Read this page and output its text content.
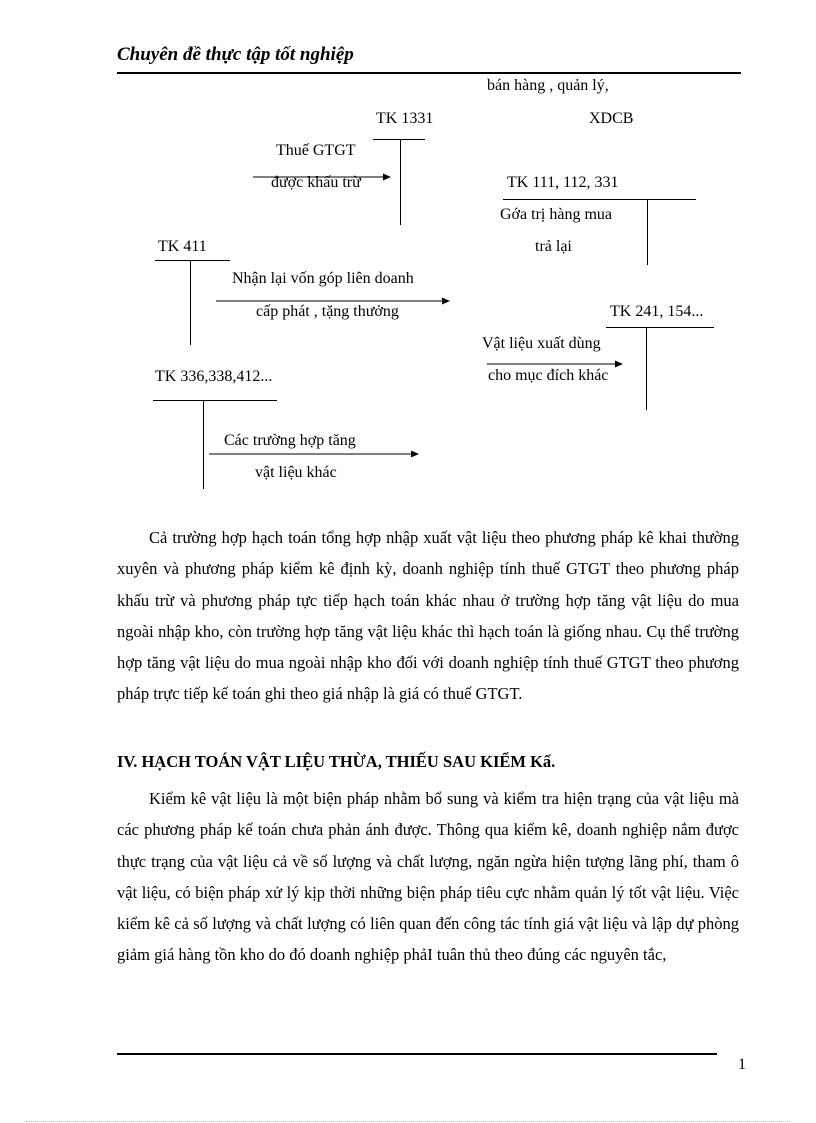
Chuyên đề thực tập tốt nghiệp
bán hàng , quản lý,
XDCB
TK 1331
Thuế GTGT
được khấu trừ	TK 111, 112, 331
Gớa trị hàng mua
trả lại
TK 411
Nhận lại vốn góp liên doanh
cấp phát , tặng thưởng	TK 241, 154...
Vật liệu xuất dùng
cho mục đích khác
TK 336,338,412...
Các trường hợp tăng
vật liệu khác
Cả trường hợp hạch toán tổng hợp nhập xuất vật liệu theo phương pháp kê khai thường xuyên và phương pháp kiểm kê định kỳ, doanh nghiệp tính thuế GTGT theo phương pháp khấu trừ và phương pháp tực tiếp hạch toán khác nhau ở trường hợp tăng vật liệu do mua ngoài nhập kho, còn trường hợp tăng vật liệu khác thì hạch toán là giống nhau. Cụ thể trường hợp tăng vật liệu do mua ngoài nhập kho đối với doanh nghiệp tính thuế GTGT theo phương pháp trực tiếp kế toán ghi theo giá nhập là giá có thuế GTGT.
IV. HẠCH TOÁN VẬT LIỆU THỪA, THIẾU SAU KIỂM Kấ.
Kiểm kê vật liệu là một biện pháp nhằm bổ sung và kiểm tra hiện trạng của vật liệu mà các phương pháp kế toán chưa phản ánh được. Thông qua kiểm kê, doanh nghiệp nắm được thực trạng của vật liệu cả về số lượng và chất lượng, ngăn ngừa hiện tượng lãng phí, tham ô vật liệu, có biện pháp xử lý kịp thời những biện pháp tiêu cực nhằm quản lý tốt vật liệu. Việc kiểm kê cả số lượng và chất lượng có liên quan đến công tác tính giá vật liệu và lập dự phòng giảm giá hàng tồn kho do đó doanh nghiệp phảI tuân thủ theo đúng các nguyên tắc,
1
